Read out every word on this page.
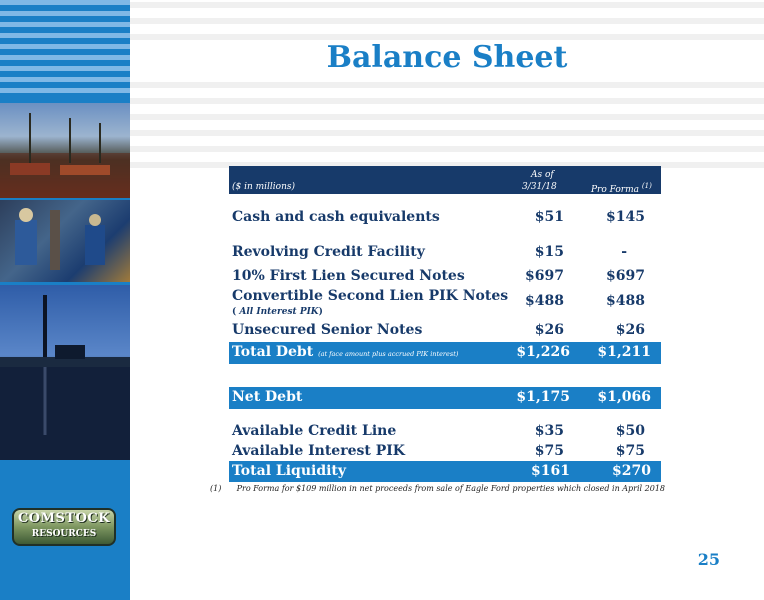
Balance Sheet
($ in millions)
As of
3/31/18	Pro Forma $^{(1)}$
Cash and cash equivalents	$51	$145
Revolving Credit Facility	$15	-
10% First Lien Secured Notes	$697	$697
Convertible Second Lien PIK Notes
( All Interest PIK)
$488	$488
Unsecured Senior Notes	$26	$26
Total Debt (at face amount plus accrued PIK interest)	$1,226 $1,211
Net Debt	$1,175 $1,066
Available Credit Line	$35	$50
Available Interest PIK	$75	$75
Total Liquidity	$161	$270
(1) Pro Forma for $109 million in net proceeds from sale of Eagle Ford properties which closed in April 2018
COMSTOCK
RESOURCES
25
